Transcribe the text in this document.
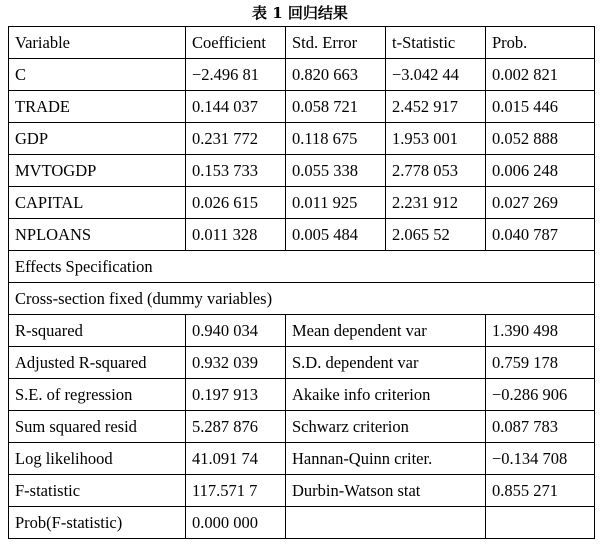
表 1 回归结果
Variable	Coefficient	Std. Error	t-Statistic	Prob.
C	−2.496 81	0.820 663	−3.042 44	0.002 821
TRADE	0.144 037	0.058 721	2.452 917	0.015 446
GDP	0.231 772	0.118 675	1.953 001	0.052 888
MVTOGDP	0.153 733	0.055 338	2.778 053	0.006 248
CAPITAL	0.026 615	0.011 925	2.231 912	0.027 269
NPLOANS	0.011 328	0.005 484	2.065 52	0.040 787
Effects Specification				
Cross-section fixed (dummy variables)				
R-squared	0.940 034	Mean dependent var		1.390 498
Adjusted R-squared	0.932 039	S.D. dependent var		0.759 178
S.E. of regression	0.197 913	Akaike info criterion		−0.286 906
Sum squared resid	5.287 876	Schwarz criterion		0.087 783
Log likelihood	41.091 74	Hannan-Quinn criter.		−0.134 708
F-statistic	117.571 7	Durbin-Watson stat		0.855 271
Prob(F-statistic)	0.000 000			
